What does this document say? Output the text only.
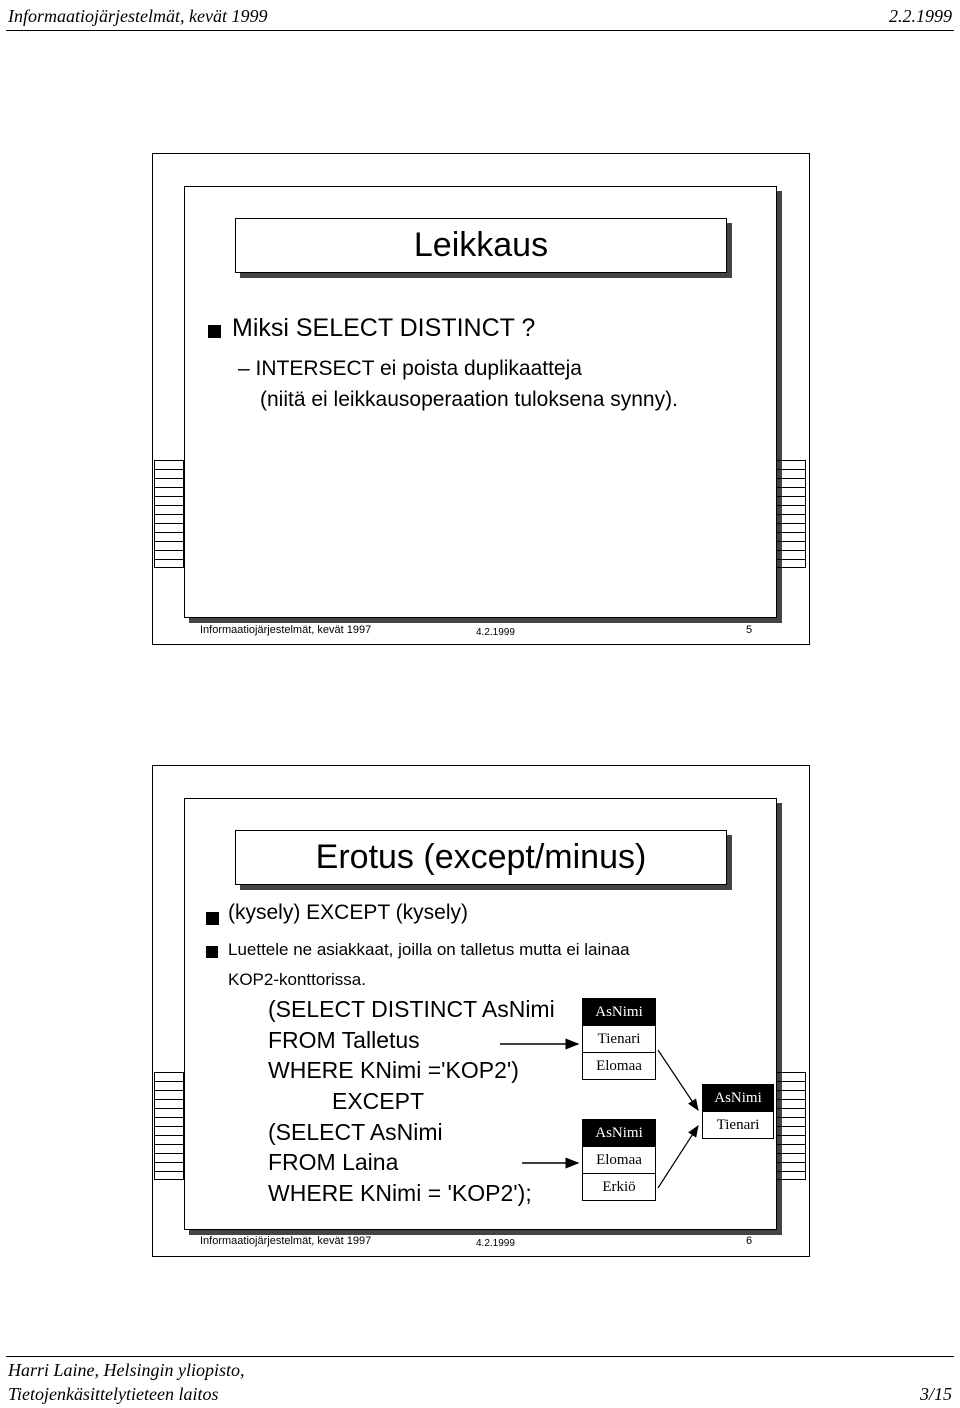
Informaatiojärjestelmät, kevät 1999	2.2.1999
Leikkaus
Miksi SELECT DISTINCT ?
– INTERSECT ei poista duplikaatteja
(niitä ei leikkausoperaation tuloksena synny).
Informaatiojärjestelmät, kevät 1997	4.2.1999	5
Erotus (except/minus)
(kysely) EXCEPT (kysely)
Luettele ne asiakkaat, joilla on talletus mutta ei lainaa
KOP2-konttorissa.
(SELECT DISTINCT AsNimi
FROM Talletus
WHERE KNimi ='KOP2')
EXCEPT
(SELECT AsNimi
FROM Laina
WHERE KNimi = 'KOP2');
AsNimi
Tienari
Elomaa
AsNimi
Elomaa
Erkiö
AsNimi
Tienari
Informaatiojärjestelmät, kevät 1997	4.2.1999	6
Harri Laine, Helsingin yliopisto,
Tietojenkäsittelytieteen laitos	3/15
